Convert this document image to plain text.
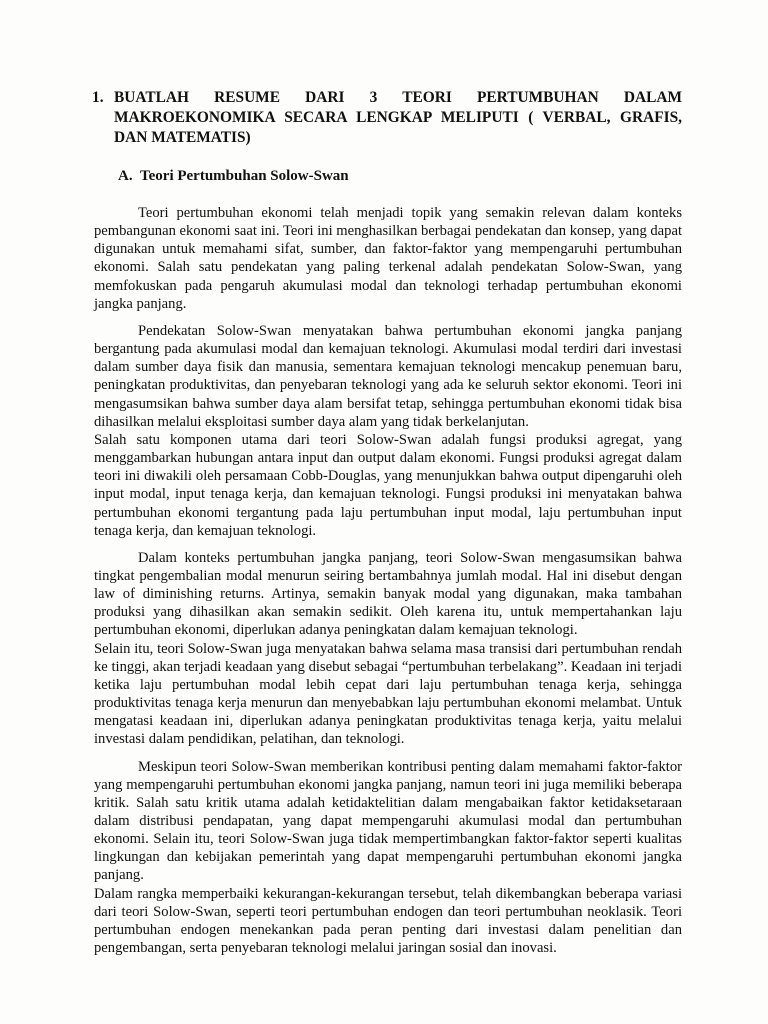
1. BUATLAH RESUME DARI 3 TEORI PERTUMBUHAN DALAM
MAKROEKONOMIKA SECARA LENGKAP MELIPUTI ( VERBAL, GRAFIS,
DAN MATEMATIS)
A. Teori Pertumbuhan Solow-Swan

Teori pertumbuhan ekonomi telah menjadi topik yang semakin relevan dalam konteks pembangunan ekonomi saat ini. Teori ini menghasilkan berbagai pendekatan dan konsep, yang dapat digunakan untuk memahami sifat, sumber, dan faktor-faktor yang mempengaruhi pertumbuhan ekonomi. Salah satu pendekatan yang paling terkenal adalah pendekatan Solow-Swan, yang memfokuskan pada pengaruh akumulasi modal dan teknologi terhadap pertumbuhan ekonomi jangka panjang.

Pendekatan Solow-Swan menyatakan bahwa pertumbuhan ekonomi jangka panjang bergantung pada akumulasi modal dan kemajuan teknologi. Akumulasi modal terdiri dari investasi dalam sumber daya fisik dan manusia, sementara kemajuan teknologi mencakup penemuan baru, peningkatan produktivitas, dan penyebaran teknologi yang ada ke seluruh sektor ekonomi. Teori ini mengasumsikan bahwa sumber daya alam bersifat tetap, sehingga pertumbuhan ekonomi tidak bisa dihasilkan melalui eksploitasi sumber daya alam yang tidak berkelanjutan.

Salah satu komponen utama dari teori Solow-Swan adalah fungsi produksi agregat, yang menggambarkan hubungan antara input dan output dalam ekonomi. Fungsi produksi agregat dalam teori ini diwakili oleh persamaan Cobb-Douglas, yang menunjukkan bahwa output dipengaruhi oleh input modal, input tenaga kerja, dan kemajuan teknologi. Fungsi produksi ini menyatakan bahwa pertumbuhan ekonomi tergantung pada laju pertumbuhan input modal, laju pertumbuhan input tenaga kerja, dan kemajuan teknologi.

Dalam konteks pertumbuhan jangka panjang, teori Solow-Swan mengasumsikan bahwa tingkat pengembalian modal menurun seiring bertambahnya jumlah modal. Hal ini disebut dengan law of diminishing returns. Artinya, semakin banyak modal yang digunakan, maka tambahan produksi yang dihasilkan akan semakin sedikit. Oleh karena itu, untuk mempertahankan laju pertumbuhan ekonomi, diperlukan adanya peningkatan dalam kemajuan teknologi.

Selain itu, teori Solow-Swan juga menyatakan bahwa selama masa transisi dari pertumbuhan rendah ke tinggi, akan terjadi keadaan yang disebut sebagai “pertumbuhan terbelakang”. Keadaan ini terjadi ketika laju pertumbuhan modal lebih cepat dari laju pertumbuhan tenaga kerja, sehingga produktivitas tenaga kerja menurun dan menyebabkan laju pertumbuhan ekonomi melambat. Untuk mengatasi keadaan ini, diperlukan adanya peningkatan produktivitas tenaga kerja, yaitu melalui investasi dalam pendidikan, pelatihan, dan teknologi.

Meskipun teori Solow-Swan memberikan kontribusi penting dalam memahami faktor-faktor yang mempengaruhi pertumbuhan ekonomi jangka panjang, namun teori ini juga memiliki beberapa kritik. Salah satu kritik utama adalah ketidaktelitian dalam mengabaikan faktor ketidaksetaraan dalam distribusi pendapatan, yang dapat mempengaruhi akumulasi modal dan pertumbuhan ekonomi. Selain itu, teori Solow-Swan juga tidak mempertimbangkan faktor-faktor seperti kualitas lingkungan dan kebijakan pemerintah yang dapat mempengaruhi pertumbuhan ekonomi jangka panjang.

Dalam rangka memperbaiki kekurangan-kekurangan tersebut, telah dikembangkan beberapa variasi dari teori Solow-Swan, seperti teori pertumbuhan endogen dan teori pertumbuhan neoklasik. Teori pertumbuhan endogen menekankan pada peran penting dari investasi dalam penelitian dan pengembangan, serta penyebaran teknologi melalui jaringan sosial dan inovasi.
